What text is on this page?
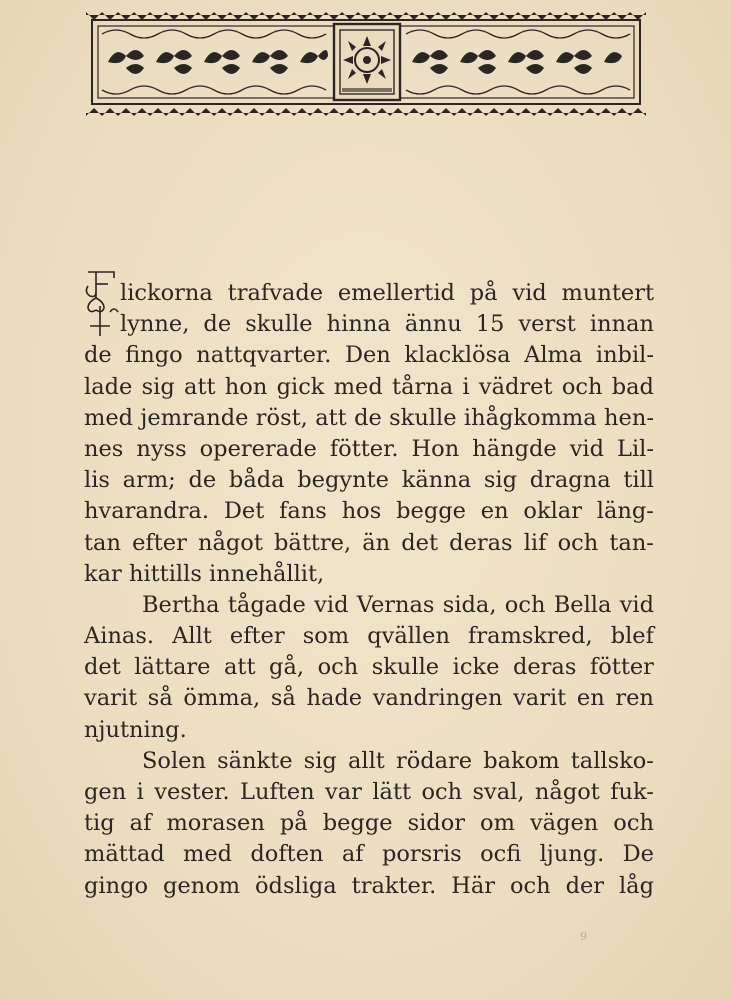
lickorna trafvade emellertid på vid muntert
lynne, de skulle hinna ännu 15 verst innan
de fingo nattqvarter. Den klacklösa Alma inbil-
lade sig att hon gick med tårna i vädret och bad
med jemrande röst, att de skulle ihågkomma hen-
nes nyss opererade fötter. Hon hängde vid Lil-
lis arm; de båda begynte känna sig dragna till
hvarandra. Det fans hos begge en oklar läng-
tan efter något bättre, än det deras lif och tan-
kar hittills innehållit,
Bertha tågade vid Vernas sida, och Bella vid
Ainas. Allt efter som qvällen framskred, blef
det lättare att gå, och skulle icke deras fötter
varit så ömma, så hade vandringen varit en ren
njutning.
Solen sänkte sig allt rödare bakom tallsko-
gen i vester. Luften var lätt och sval, något fuk-
tig af morasen på begge sidor om vägen och
mättad med doften af porsris ocfi ljung. De
gingo genom ödsliga trakter. Här och der låg
9
